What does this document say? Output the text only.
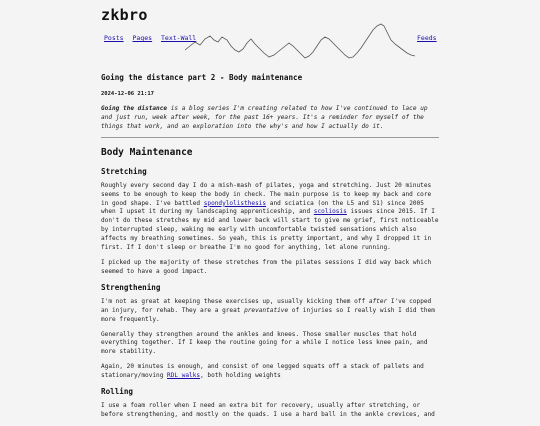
zkbro
Posts Pages Text-Wall	Feeds
Going the distance part 2 - Body maintenance
2024-12-06 21:17

Going the distance is a blog series I'm creating related to how I've continued to lace up and just run, week after week, for the past 16+ years. It's a reminder for myself of the things that work, and an exploration into the why's and how I actually do it.

Body Maintenance
Stretching

Roughly every second day I do a mish-mash of pilates, yoga and stretching. Just 20 minutes seems to be enough to keep the body in check. The main purpose is to keep my back and core in good shape. I've battled spondylolisthesis and sciatica (on the L5 and S1) since 2005 when I upset it during my landscaping apprenticeship, and scoliosis issues since 2015. If I don't do these stretches my mid and lower back will start to give me grief, first noticeable by interrupted sleep, waking me early with uncomfortable twisted sensations which also affects my breathing sometimes. So yeah, this is pretty important, and why I dropped it in first. If I don't sleep or breathe I'm no good for anything, let alone running.

I picked up the majority of these stretches from the pilates sessions I did way back which seemed to have a good impact.

Strengthening

I'm not as great at keeping these exercises up, usually kicking them off after I've copped an injury, for rehab. They are a great prevantative of injuries so I really wish I did them more frequently.

Generally they strengthen around the ankles and knees. Those smaller muscles that hold everything together. If I keep the routine going for a while I notice less knee pain, and more stability.

Again, 20 minutes is enough, and consist of one legged squats off a stack of pallets and stationary/moving RDL walks, both holding weights

Rolling

I use a foam roller when I need an extra bit for recovery, usually after stretching, or before strengthening, and mostly on the quads. I use a hard ball in the ankle crevices, and
